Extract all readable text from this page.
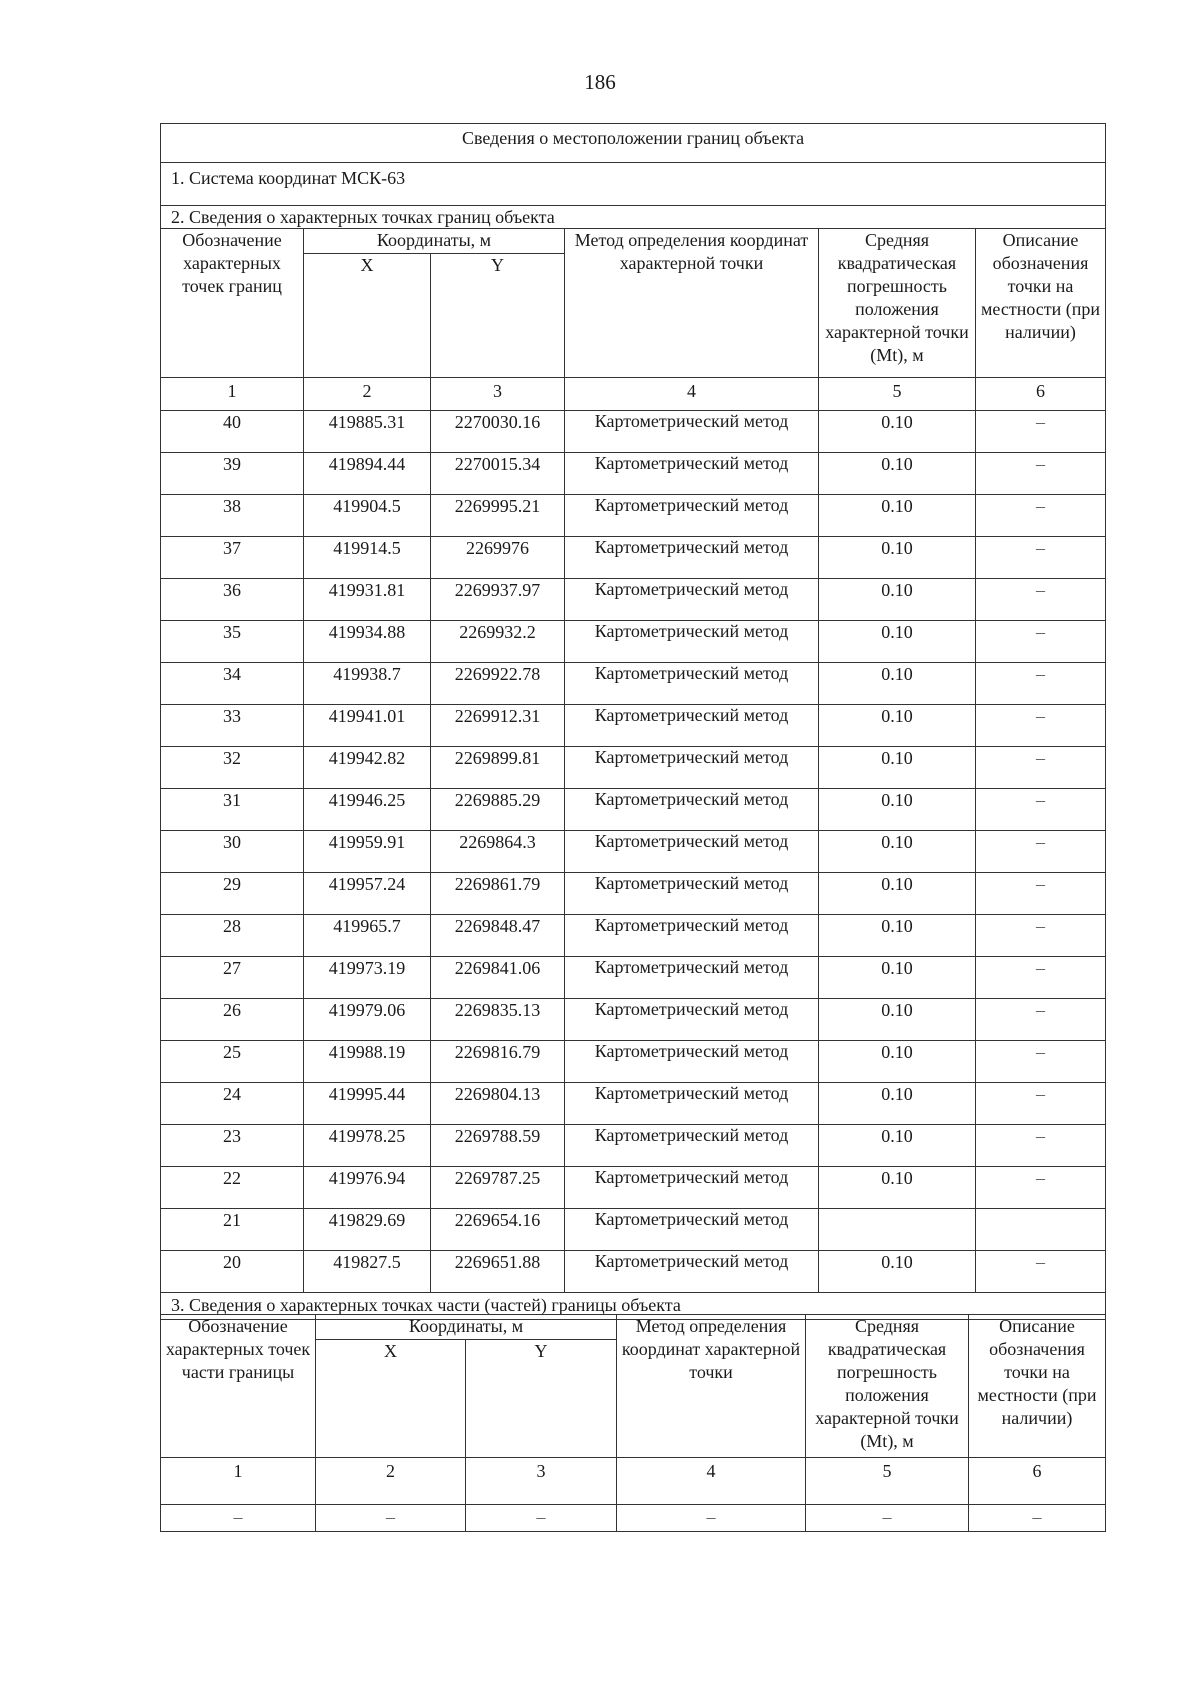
186
Сведения о местоположении границ объекта					
1. Система координат МСК-63					
2. Сведения о характерных точках границ объекта					
Обозначение характерных точек границ	Координаты, м		Метод определения координат характерной точки	Средняя квадратическая погрешность положения характерной точки (Mt), м	Описание обозначения точки на местности (при наличии)
	X	Y			
1	2	3	4	5	6
40	419885.31	2270030.16	Картометрический метод	0.10	–
39	419894.44	2270015.34	Картометрический метод	0.10	–
38	419904.5	2269995.21	Картометрический метод	0.10	–
37	419914.5	2269976	Картометрический метод	0.10	–
36	419931.81	2269937.97	Картометрический метод	0.10	–
35	419934.88	2269932.2	Картометрический метод	0.10	–
34	419938.7	2269922.78	Картометрический метод	0.10	–
33	419941.01	2269912.31	Картометрический метод	0.10	–
32	419942.82	2269899.81	Картометрический метод	0.10	–
31	419946.25	2269885.29	Картометрический метод	0.10	–
30	419959.91	2269864.3	Картометрический метод	0.10	–
29	419957.24	2269861.79	Картометрический метод	0.10	–
28	419965.7	2269848.47	Картометрический метод	0.10	–
27	419973.19	2269841.06	Картометрический метод	0.10	–
26	419979.06	2269835.13	Картометрический метод	0.10	–
25	419988.19	2269816.79	Картометрический метод	0.10	–
24	419995.44	2269804.13	Картометрический метод	0.10	–
23	419978.25	2269788.59	Картометрический метод	0.10	–
22	419976.94	2269787.25	Картометрический метод	0.10	–
21	419829.69	2269654.16	Картометрический метод		
20	419827.5	2269651.88	Картометрический метод	0.10	–
3. Сведения о характерных точках части (частей) границы объекта					
Обозначение характерных точек части границы	Координаты, м		Метод определения координат характерной точки	Средняя квадратическая погрешность положения характерной точки (Mt), м	Описание обозначения точки на местности (при наличии)
	X	Y			
1	2	3	4	5	6
–	–	–	–	–	–
